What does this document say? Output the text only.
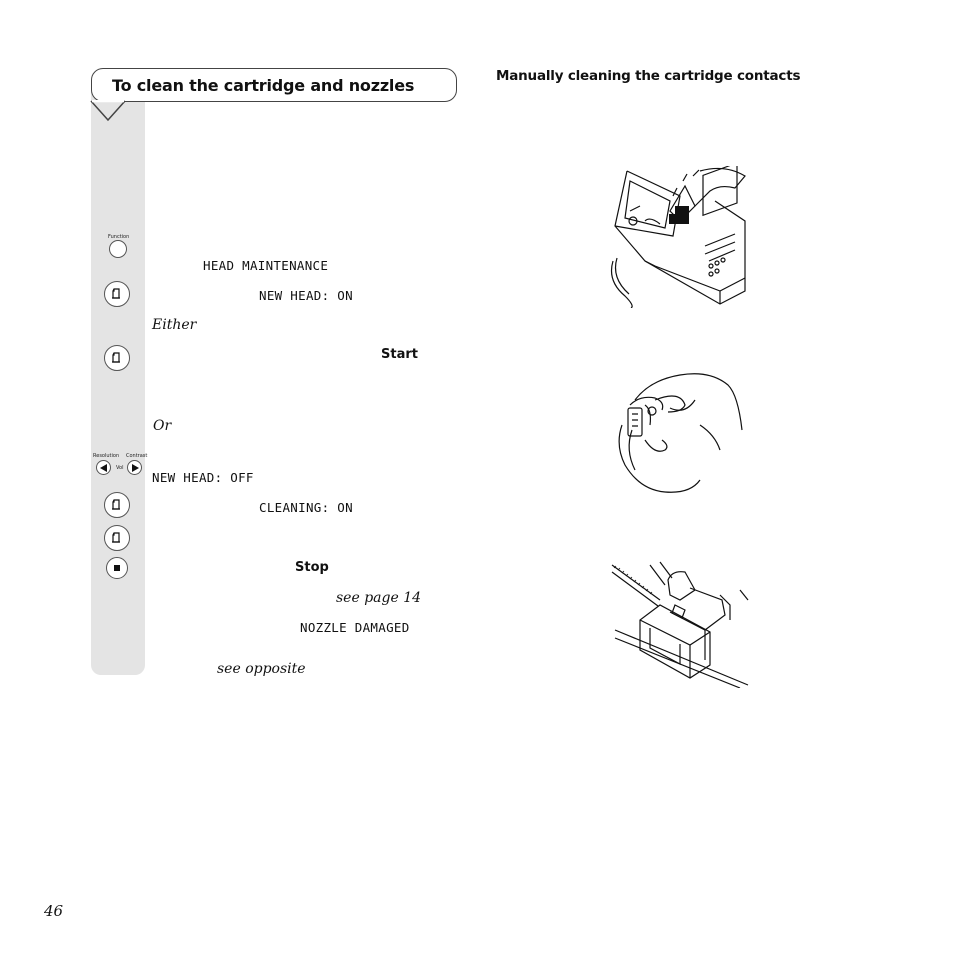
To clean the cartridge and nozzles	Manually cleaning the cartridge contacts
Function
Resolution Contrast
Vol
HEAD MAINTENANCE
NEW HEAD: ON
Either
Start
Or
NEW HEAD: OFF
CLEANING: ON
Stop
see page 14
NOZZLE DAMAGED
see opposite
46
